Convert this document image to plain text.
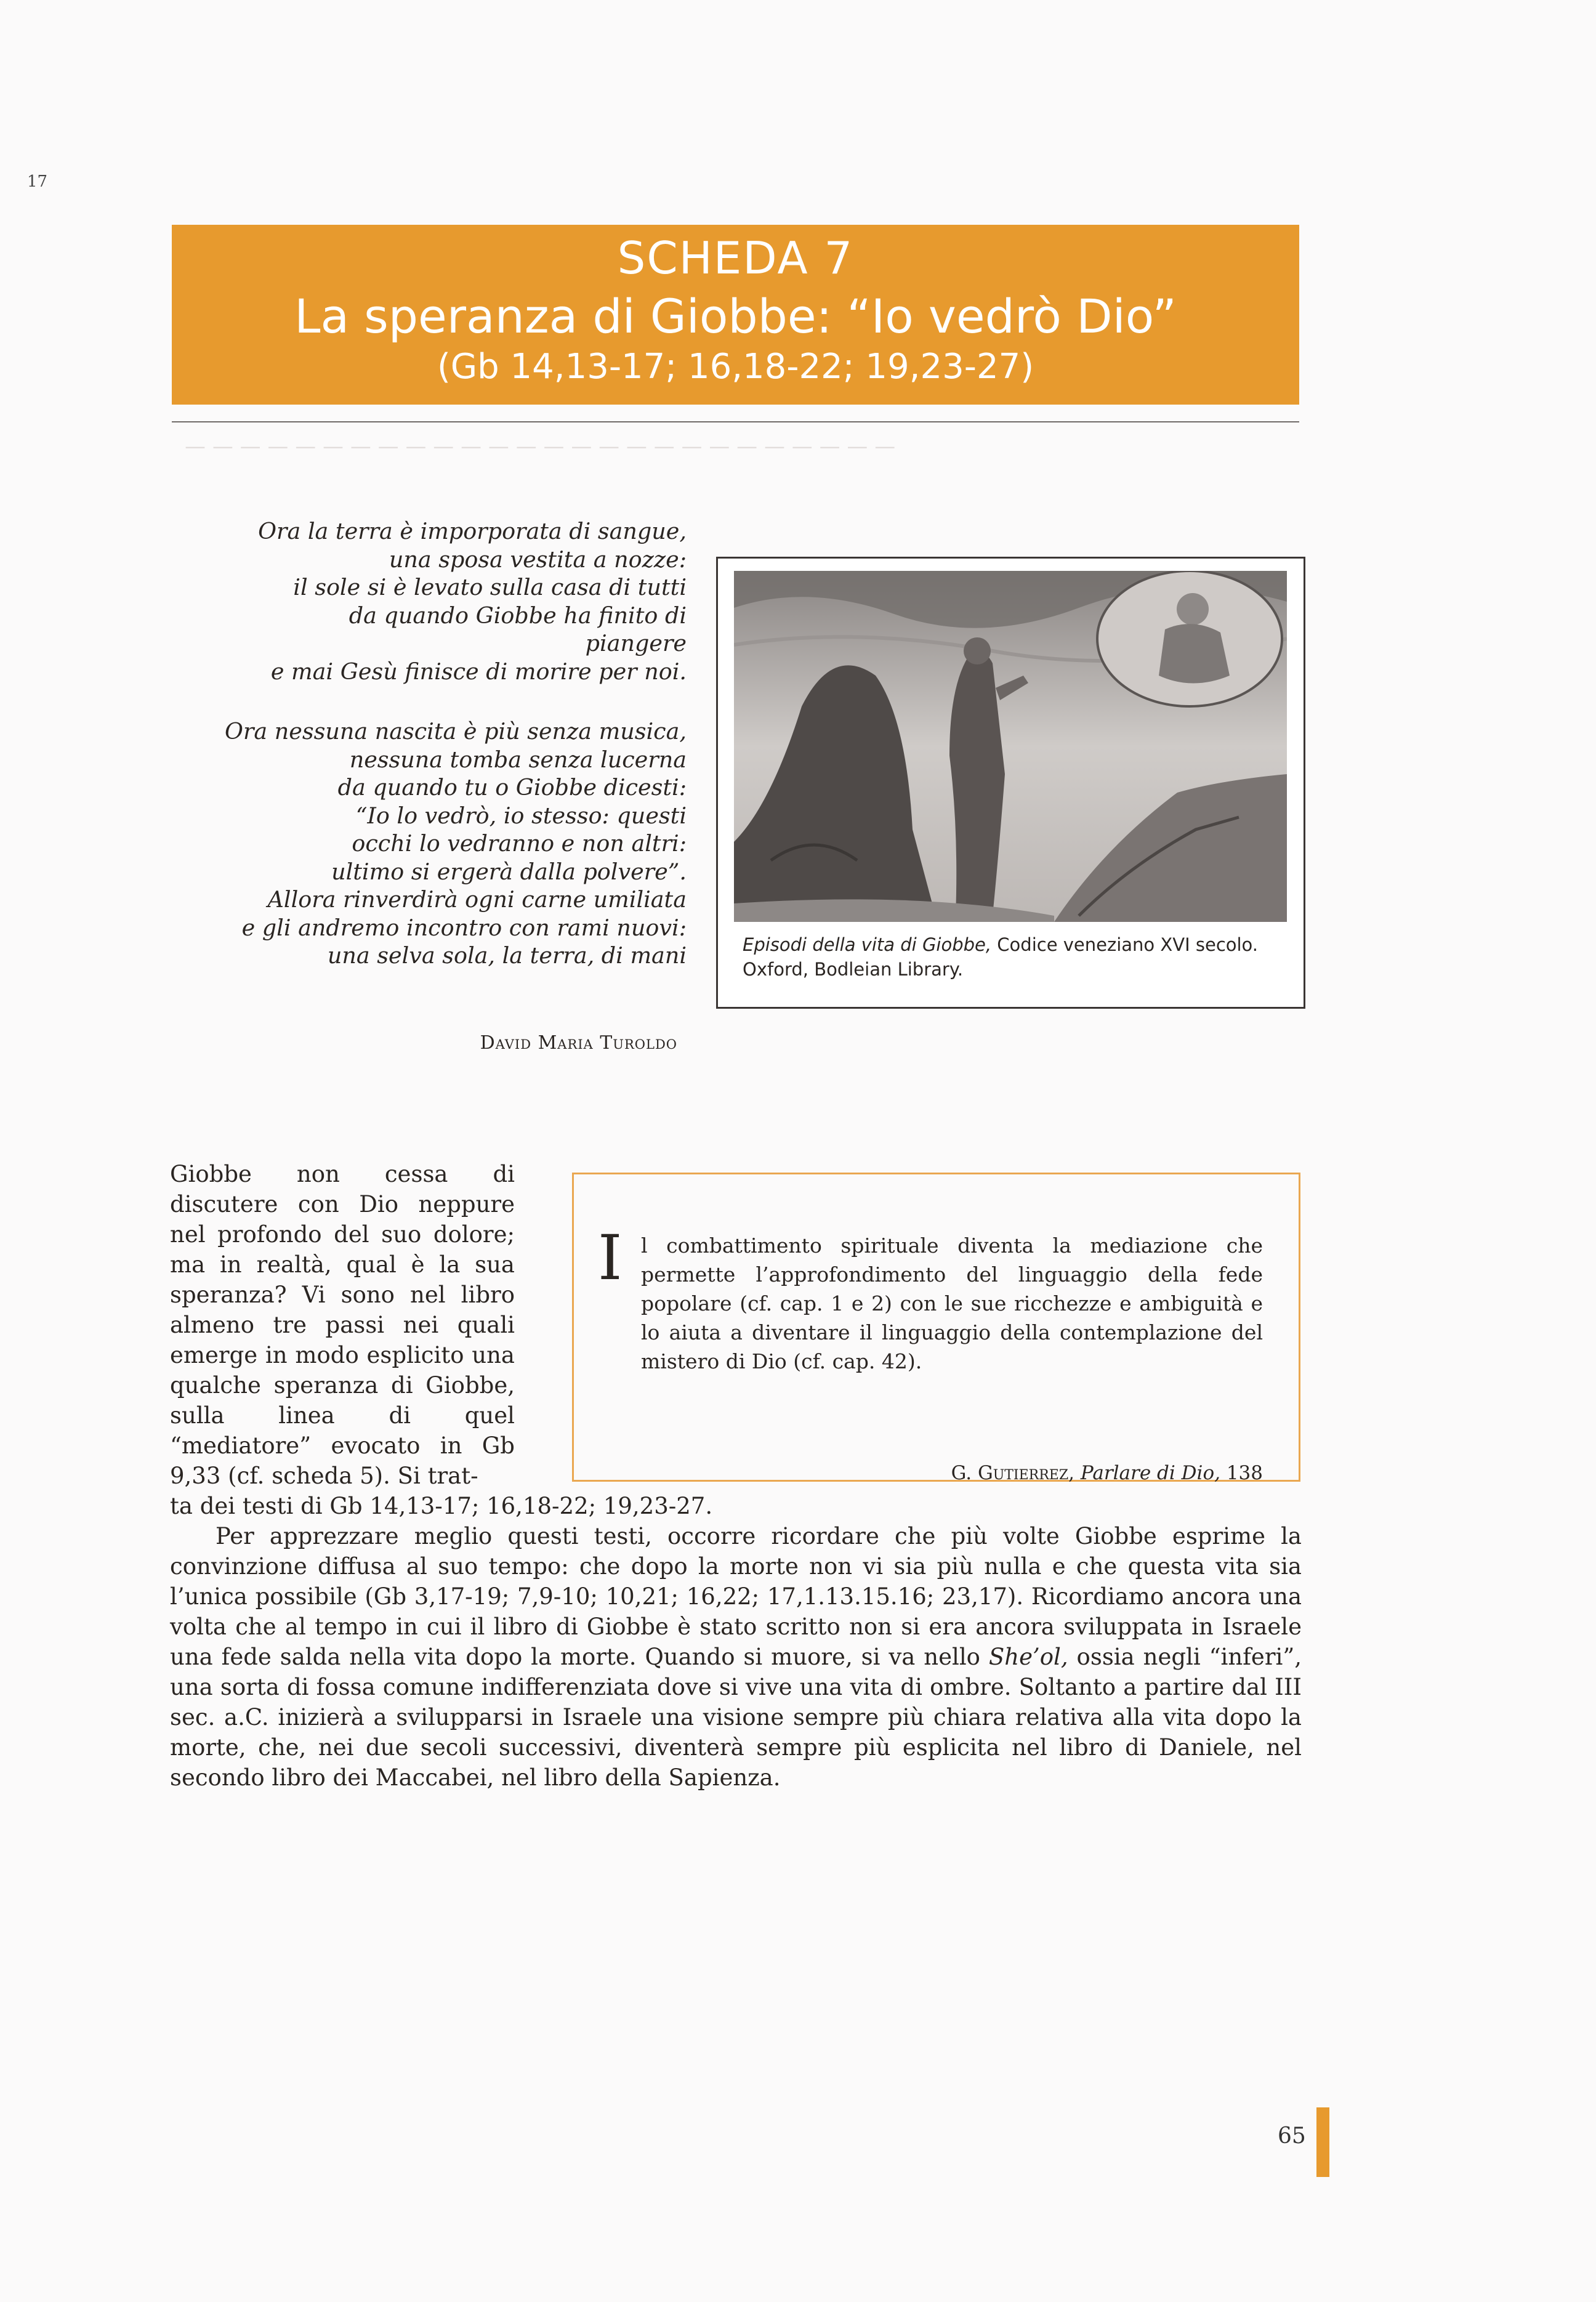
— — — — — — — — — — — — — — — — — — — — — — — — — —
17
SCHEDA 7
La speranza di Giobbe: “Io vedrò Dio”
(Gb 14,13-17; 16,18-22; 19,23-27)

Ora la terra è imporporata di sangue,

una sposa vestita a nozze:

il sole si è levato sulla casa di tutti

da quando Giobbe ha finito di

piangere

e mai Gesù finisce di morire per noi.

Ora nessuna nascita è più senza musica,

nessuna tomba senza lucerna

da quando tu o Giobbe dicesti:

“Io lo vedrò, io stesso: questi

occhi lo vedranno e non altri:

ultimo si ergerà dalla polvere”.

Allora rinverdirà ogni carne umiliata

e gli andremo incontro con rami nuovi:

una selva sola, la terra, di mani

David Maria Turoldo
Episodi della vita di Giobbe, Codice veneziano XVI secolo. Oxford, Bodleian Library.

Giobbe non cessa di discutere con Dio neppure nel profondo del suo dolore; ma in realtà, qual è la sua speranza? Vi sono nel libro almeno tre passi nei quali emerge in modo esplicito una qualche speranza di Giobbe, sulla linea di quel “mediatore” evocato in Gb 9,33 (cf. scheda 5). Si trat-

ta dei testi di Gb 14,13-17; 16,18-22; 19,23-27.

Per apprezzare meglio questi testi, occorre ricordare che più volte Giobbe esprime la convinzione diffusa al suo tempo: che dopo la morte non vi sia più nulla e che questa vita sia l’unica possibile (Gb 3,17-19; 7,9-10; 10,21; 16,22; 17,1.13.15.16; 23,17). Ricordiamo ancora una volta che al tempo in cui il libro di Giobbe è stato scritto non si era ancora sviluppata in Israele una fede salda nella vita dopo la morte. Quando si muore, si va nello She’ol, ossia negli “inferi”, una sorta di fossa comune indifferenziata dove si vive una vita di ombre. Soltanto a partire dal III sec. a.C. inizierà a svilupparsi in Israele una visione sempre più chiara relativa alla vita dopo la morte, che, nei due secoli successivi, diventerà sempre più esplicita nel libro di Daniele, nel secondo libro dei Maccabei, nel libro della Sapienza.

I l combattimento spirituale diventa la mediazione che permette l’approfondimento del linguaggio della fede popolare (cf. cap. 1 e 2) con le sue ricchezze e ambiguità e lo aiuta a diventare il linguaggio della contemplazione del mistero di Dio (cf. cap. 42).
G. Gutierrez, Parlare di Dio, 138
65
